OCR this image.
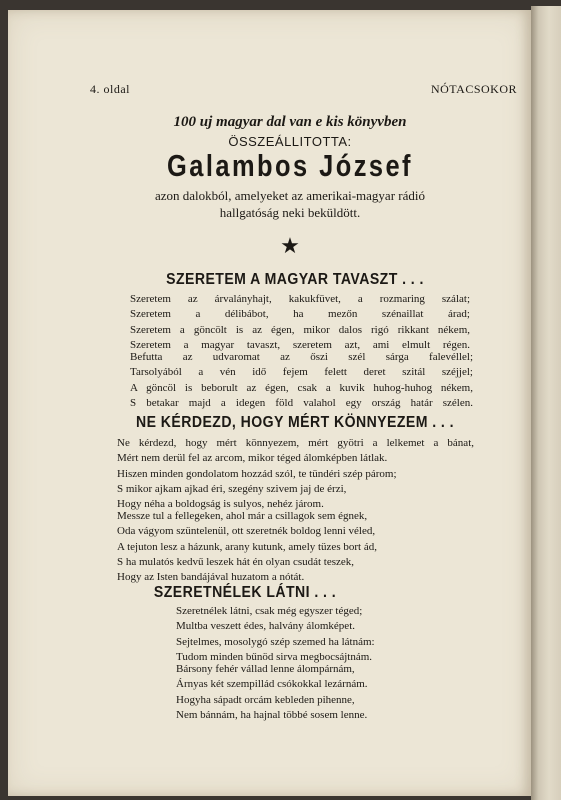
4. oldal	NÓTACSOKOR
100 uj magyar dal van e kis könyvben
ÖSSZEÁLLITOTTA:
Galambos József
azon dalokból, amelyeket az amerikai-magyar rádió
hallgatóság neki beküldött.
★
SZERETEM A MAGYAR TAVASZT . . .
Szeretem az árvalányhajt, kakukfüvet, a rozmaring szálat;
Szeretem a délibábot, ha mezőn szénaillat árad;
Szeretem a göncölt is az égen, mikor dalos rigó rikkant nékem,
Szeretem a magyar tavaszt, szeretem azt, ami elmult régen.
Befutta az udvaromat az őszi szél sárga falevéllel;
Tarsolyából a vén idő fejem felett deret szitál széjjel;
A göncöl is beborult az égen, csak a kuvik huhog-huhog nékem,
S betakar majd a idegen föld valahol egy ország határ szélen.
NE KÉRDEZD, HOGY MÉRT KÖNNYEZEM . . .
Ne kérdezd, hogy mért könnyezem, mért gyötri a lelkemet a bánat,
Mért nem derül fel az arcom, mikor téged álomképben látlak.
Hiszen minden gondolatom hozzád szól, te tündéri szép párom;
S mikor ajkam ajkad éri, szegény szivem jaj de érzi,
Hogy néha a boldogság is sulyos, nehéz járom.
Messze tul a fellegeken, ahol már a csillagok sem égnek,
Oda vágyom szüntelenül, ott szeretnék boldog lenni véled,
A tejuton lesz a házunk, arany kutunk, amely tüzes bort ád,
S ha mulatós kedvű leszek hát én olyan csudát teszek,
Hogy az Isten bandájával huzatom a nótát.
SZERETNÉLEK LÁTNI . . .
Szeretnélek látni, csak még egyszer téged;
Multba veszett édes, halvány álomképet.
Sejtelmes, mosolygó szép szemed ha látnám:
Tudom minden bűnöd sirva megbocsájtnám.
Bársony fehér vállad lenne álompárnám,
Árnyas két szempillád csókokkal lezárnám.
Hogyha sápadt orcám kebleden pihenne,
Nem bánnám, ha hajnal többé sosem lenne.
